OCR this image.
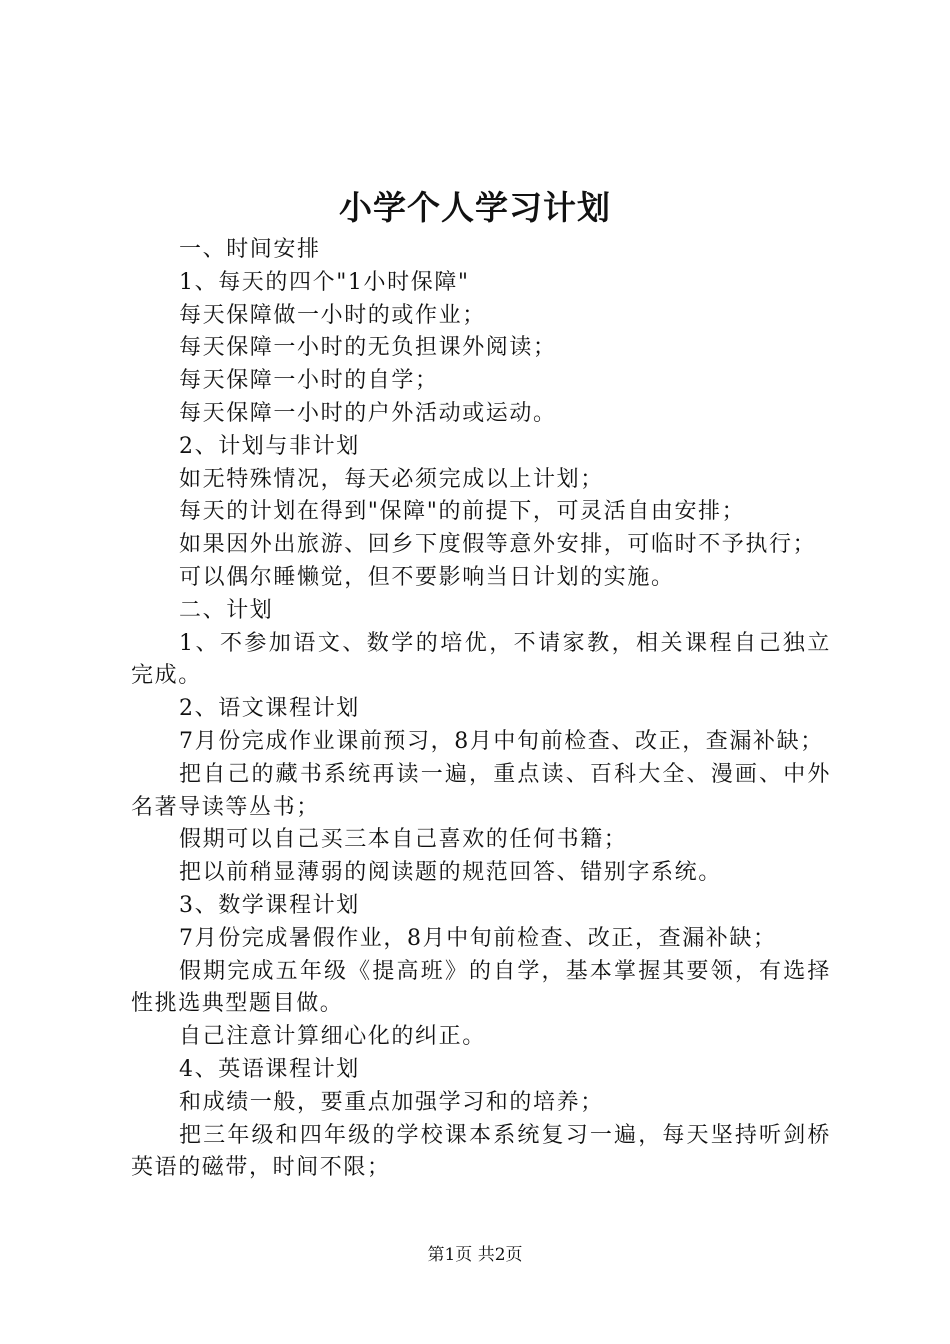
小学个人学习计划

一、时间安排

1、每天的四个"1小时保障"

每天保障做一小时的或作业；

每天保障一小时的无负担课外阅读；

每天保障一小时的自学；

每天保障一小时的户外活动或运动。

2、计划与非计划

如无特殊情况，每天必须完成以上计划；

每天的计划在得到"保障"的前提下，可灵活自由安排；

如果因外出旅游、回乡下度假等意外安排，可临时不予执行；

可以偶尔睡懒觉，但不要影响当日计划的实施。

二、计划

1、不参加语文、数学的培优，不请家教，相关课程自己独立完成。

2、语文课程计划

7月份完成作业课前预习，8月中旬前检查、改正，查漏补缺；

把自己的藏书系统再读一遍，重点读、百科大全、漫画、中外名著导读等丛书；

假期可以自己买三本自己喜欢的任何书籍；

把以前稍显薄弱的阅读题的规范回答、错别字系统。

3、数学课程计划

7月份完成暑假作业，8月中旬前检查、改正，查漏补缺；

假期完成五年级《提高班》的自学，基本掌握其要领，有选择性挑选典型题目做。

自己注意计算细心化的纠正。

4、英语课程计划

和成绩一般，要重点加强学习和的培养；

把三年级和四年级的学校课本系统复习一遍，每天坚持听剑桥英语的磁带，时间不限；

第1页 共2页
